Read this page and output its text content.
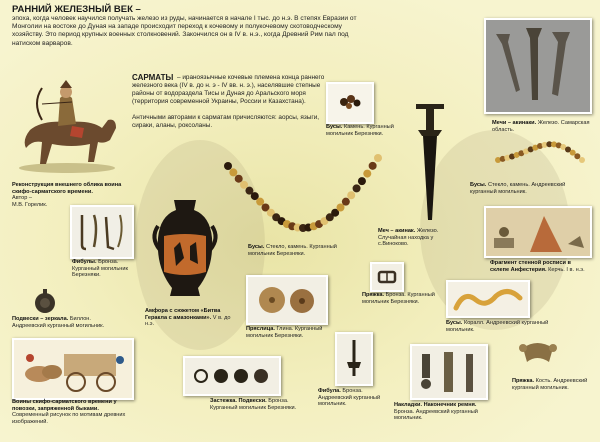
РАННИЙ ЖЕЛЕЗНЫЙ ВЕК –

эпоха, когда человек научился получать железо из руды, начинается в начале I тыс. до н.э. В степях Евразии от Монголии на востоке до Дуная на западе происходит переход к кочевому и полукочевому скотоводческому хозяйству. Это период крупных военных столкновений. Закончился он в IV в. н.э., когда Древний Рим пал под натиском варваров.

САРМАТЫ – ираноязычные кочевые племена конца раннего железного века (IV в. до н. э - IV вв. н. э.), населявшие степные районы от водораздела Тисы и Дуная до Аральского моря (территория современной Украины, России и Казахстана).

Античными авторами к сарматам причисляются: аорсы, языги, сираки, аланы, роксоланы.

Реконструкция внешнего облика воина скифо-сарматского времени.
Автор –
М.В. Горелик.
Фибулы. Бронза. Курганный могильник Березняки.
Подвески – зеркала. Биллон. Андреевский курганный могильник.
Воины скифо-сарматского времени у повозки, запряженной быками. Современный рисунок по мотивам древних изображений.
Амфора с сюжетом «Битва Геракла с амазонками». V в. до н.э.
Бусы. Камень. Курганный могильник Березняки.
Бусы. Стекло, камень. Курганный могильник Березняки.
Пряслица. Глина. Курганный могильник Березняки.
Застежка. Подвески. Бронза. Курганный могильник Березняки.
Фибула. Бронза. Андреевский курганный могильник.
Пряжка. Бронза. Курганный могильник Березняки.
Меч – акинак. Железо. Случайная находка у с.Виноково.
Мечи – акинаки. Железо. Самарская область.
Бусы. Стекло, камень. Андреевский курганный могильник.
Фрагмент стенной росписи в склепе Анфестерия. Керчь. I в. н.э.
Бусы. Коралл. Андреевский курганный могильник.
Накладки. Наконечник ремня. Бронза. Андреевский курганный могильник.
Пряжка. Кость. Андреевский курганный могильник.
